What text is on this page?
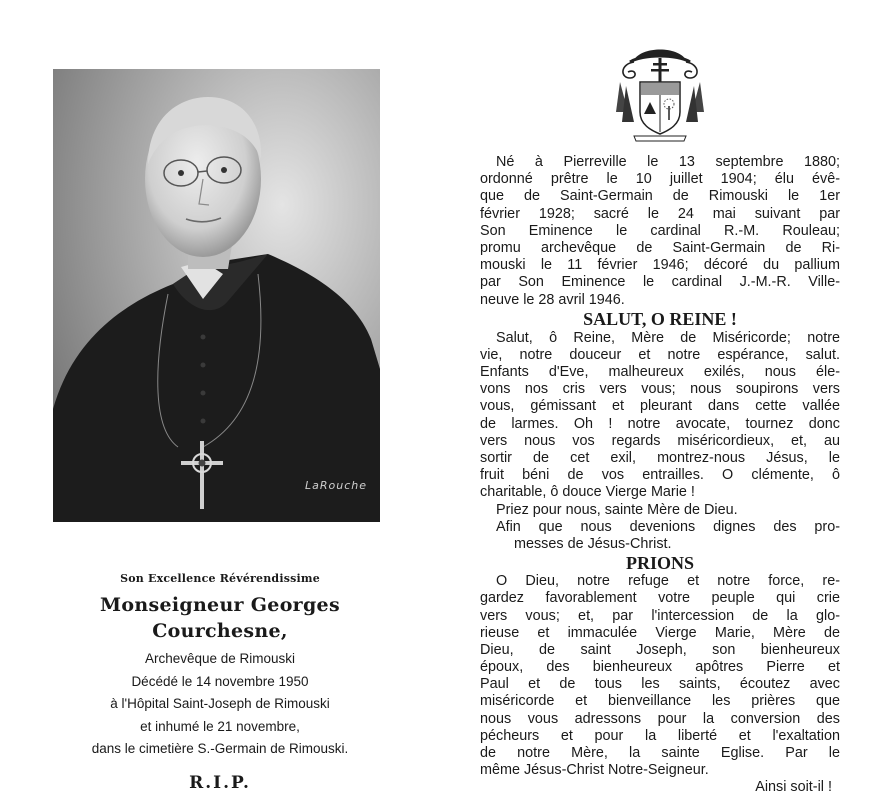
LaRouche
Son Excellence Révérendissime
Monseigneur Georges Courchesne,
Archevêque de Rimouski
Décédé le 14 novembre 1950
à l'Hôpital Saint-Joseph de Rimouski
et inhumé le 21 novembre,
dans le cimetière S.-Germain de Rimouski.
R.I.P.
Né à Pierreville le 13 septembre 1880;
ordonné prêtre le 10 juillet 1904; élu évê-
que de Saint-Germain de Rimouski le 1er
février 1928; sacré le 24 mai suivant par
Son Eminence le cardinal R.-M. Rouleau;
promu archevêque de Saint-Germain de Ri-
mouski le 11 février 1946; décoré du pallium
par Son Eminence le cardinal J.-M.-R. Ville-
neuve le 28 avril 1946.
SALUT, O REINE !
Salut, ô Reine, Mère de Miséricorde; notre
vie, notre douceur et notre espérance, salut.
Enfants d'Eve, malheureux exilés, nous éle-
vons nos cris vers vous; nous soupirons vers
vous, gémissant et pleurant dans cette vallée
de larmes. Oh ! notre avocate, tournez donc
vers nous vos regards miséricordieux, et, au
sortir de cet exil, montrez-nous Jésus, le
fruit béni de vos entrailles. O clémente, ô
charitable, ô douce Vierge Marie !
Priez pour nous, sainte Mère de Dieu.
Afin que nous devenions dignes des pro-
messes de Jésus-Christ.
PRIONS
O Dieu, notre refuge et notre force, re-
gardez favorablement votre peuple qui crie
vers vous; et, par l'intercession de la glo-
rieuse et immaculée Vierge Marie, Mère de
Dieu, de saint Joseph, son bienheureux
époux, des bienheureux apôtres Pierre et
Paul et de tous les saints, écoutez avec
miséricorde et bienveillance les prières que
nous vous adressons pour la conversion des
pécheurs et pour la liberté et l'exaltation
de notre Mère, la sainte Eglise. Par le
même Jésus-Christ Notre-Seigneur.
Ainsi soit-il !
